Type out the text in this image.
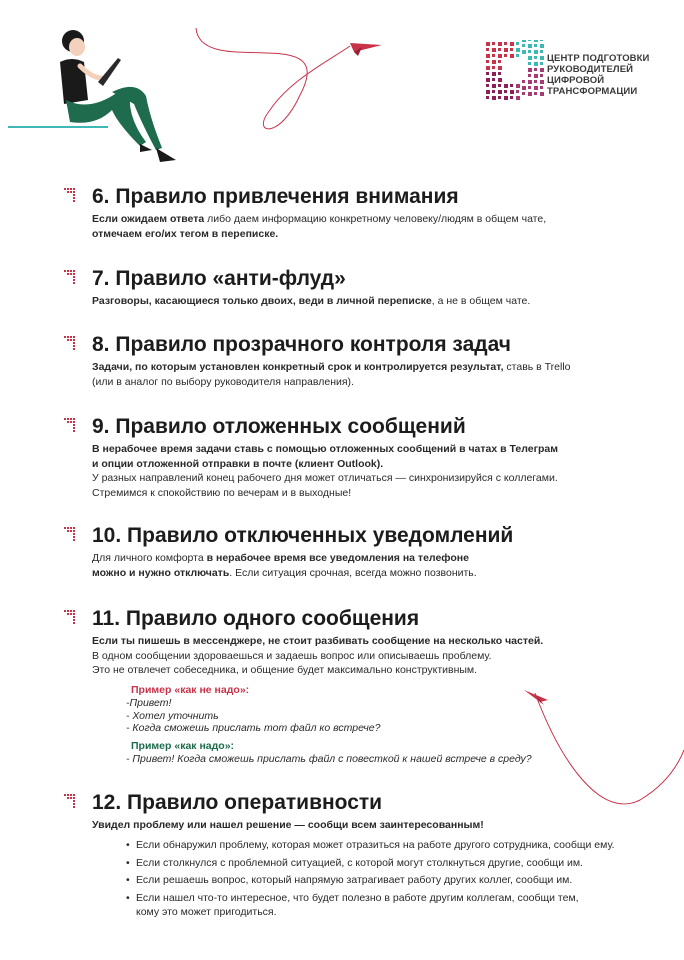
ЦЕНТР ПОДГОТОВКИ
РУКОВОДИТЕЛЕЙ
ЦИФРОВОЙ
ТРАНСФОРМАЦИИ
6. Правило привлечения внимания
Если ожидаем ответа либо даем информацию конкретному человеку/людям в общем чате,
отмечаем его/их тегом в переписке.
7. Правило «анти-флуд»
Разговоры, касающиеся только двоих, веди в личной переписке, а не в общем чате.
8. Правило прозрачного контроля задач
Задачи, по которым установлен конкретный срок и контролируется результат, ставь в Trello
(или в аналог по выбору руководителя направления).
9. Правило отложенных сообщений
В нерабочее время задачи ставь с помощью отложенных сообщений в чатах в Телеграм
и опции отложенной отправки в почте (клиент Outlook).
У разных направлений конец рабочего дня может отличаться — синхронизируйся с коллегами.
Стремимся к спокойствию по вечерам и в выходные!
10. Правило отключенных уведомлений
Для личного комфорта в нерабочее время все уведомления на телефоне
можно и нужно отключать. Если ситуация срочная, всегда можно позвонить.
11. Правило одного сообщения
Если ты пишешь в мессенджере, не стоит разбивать сообщение на несколько частей.
В одном сообщении здороваешься и задаешь вопрос или описываешь проблему.
Это не отвлечет собеседника, и общение будет максимально конструктивным.
12. Правило оперативности
Увидел проблему или нашел решение — сообщи всем заинтересованным!
Пример «как не надо»:
-Привет!
- Хотел уточнить
- Когда сможешь прислать тот файл ко встрече?
Пример «как надо»:
- Привет! Когда сможешь прислать файл с повесткой к нашей встрече в среду?
• Если обнаружил проблему, которая может отразиться на работе другого сотрудника, сообщи ему.
• Если столкнулся с проблемной ситуацией, с которой могут столкнуться другие, сообщи им.
• Если решаешь вопрос, который напрямую затрагивает работу других коллег, сообщи им.
• Если нашел что-то интересное, что будет полезно в работе другим коллегам, сообщи тем,
кому это может пригодиться.
